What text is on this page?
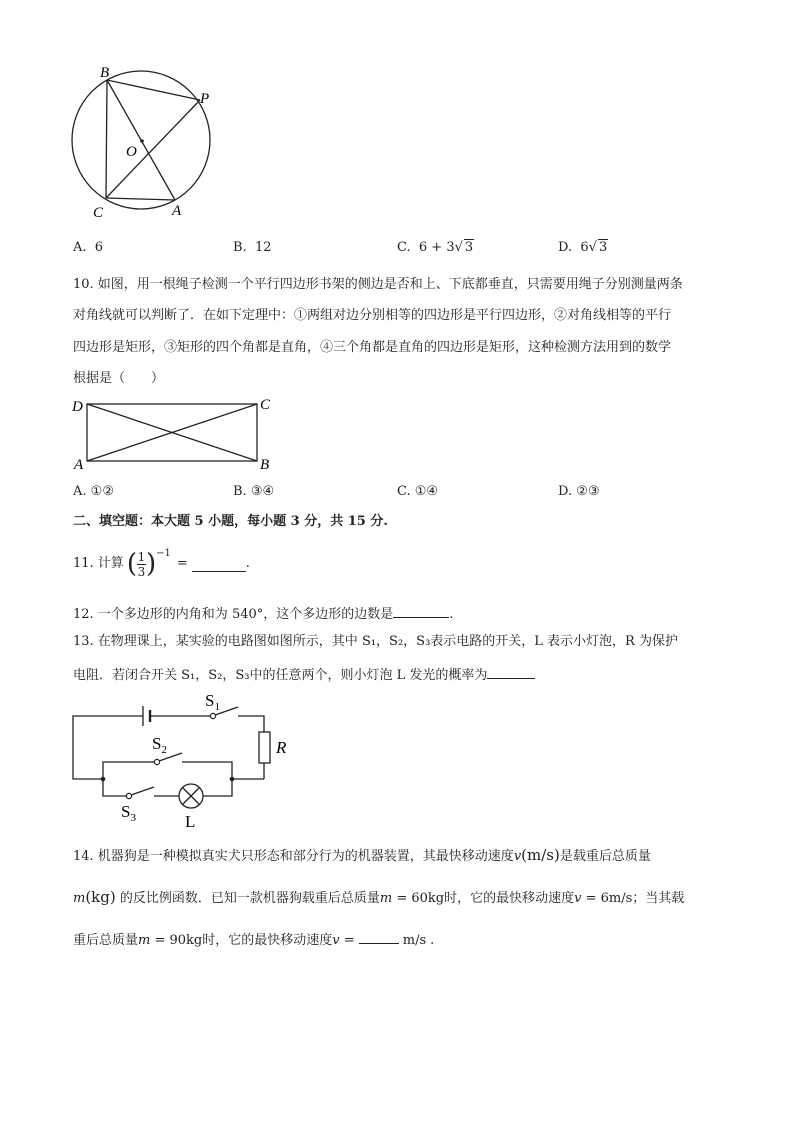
B
P
O
C	A
A. 6	B. 12	C. 6 + 3√ 3	D. 6√ 3
10. 如图，用一根绳子检测一个平行四边形书架的侧边是否和上、下底都垂直，只需要用绳子分别测量两条
对角线就可以判断了．在如下定理中：①两组对边分别相等的四边形是平行四边形，②对角线相等的平行
四边形是矩形，③矩形的四个角都是直角，④三个角都是直角的四边形是矩形，这种检测方法用到的数学
根据是（　　）
D	C
A	B
A. ①②	B. ③④	C. ①④	D. ②③
二、填空题：本大题 5 小题，每小题 3 分，共 15 分.
11. 计算 ( $\frac{1}{3} )^{-1}$
=	.
12. 一个多边形的内角和为 540°，这个多边形的边数是	.
13. 在物理课上，某实验的电路图如图所示，其中 S₁，S₂，S₃表示电路的开关，L 表示小灯泡，R 为保护
电阻．若闭合开关 S₁，S₂，S₃中的任意两个，则小灯泡 L 发光的概率为
$S_1$
$S_2$
$S_3$
R
L
14. 机器狗是一种模拟真实犬只形态和部分行为的机器装置，其最快移动速度v(m/s)是载重后总质量
m(kg) 的反比例函数．已知一款机器狗载重后总质量m = 60kg时，它的最快移动速度v = 6m/s；当其载
重后总质量m = 90kg时，它的最快移动速度v =	m/s .
